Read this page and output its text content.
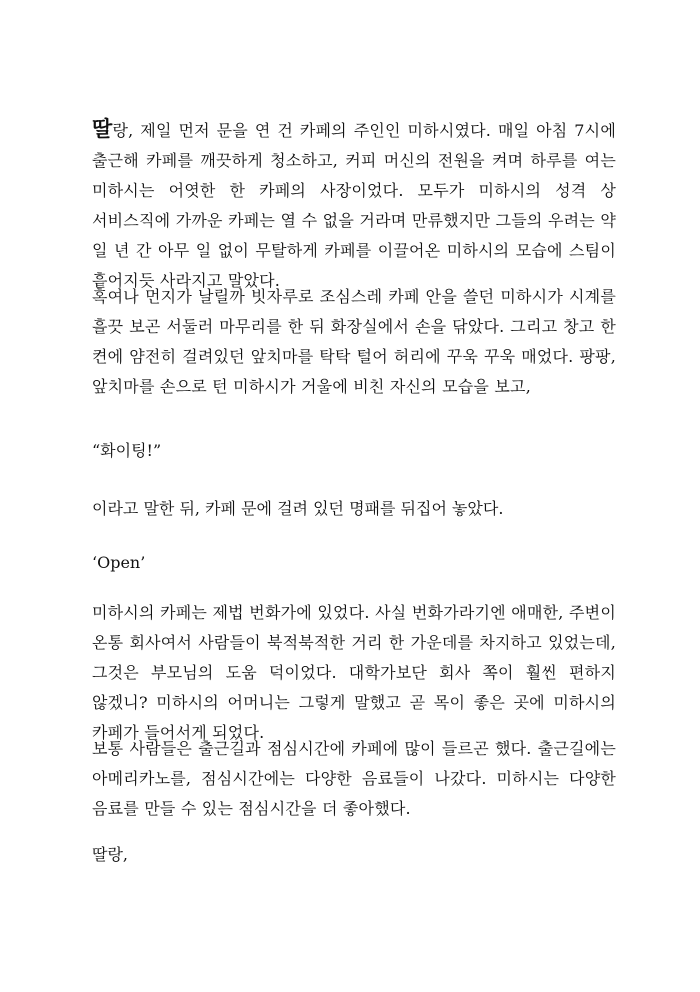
딸랑, 제일 먼저 문을 연 건 카페의 주인인 미하시였다. 매일 아침 7시에 출근해 카페를 깨끗하게 청소하고, 커피 머신의 전원을 켜며 하루를 여는 미하시는 어엿한 한 카페의 사장이었다. 모두가 미하시의 성격 상 서비스직에 가까운 카페는 열 수 없을 거라며 만류했지만 그들의 우려는 약 일 년 간 아무 일 없이 무탈하게 카페를 이끌어온 미하시의 모습에 스팀이 흩어지듯 사라지고 말았다.

혹여나 먼지가 날릴까 빗자루로 조심스레 카페 안을 쓸던 미하시가 시계를 흘끗 보곤 서둘러 마무리를 한 뒤 화장실에서 손을 닦았다. 그리고 창고 한 켠에 얌전히 걸려있던 앞치마를 탁탁 털어 허리에 꾸욱 꾸욱 매었다. 팡팡, 앞치마를 손으로 턴 미하시가 거울에 비친 자신의 모습을 보고,

“화이팅!”
이라고 말한 뒤, 카페 문에 걸려 있던 명패를 뒤집어 놓았다.
‘Open’

미하시의 카페는 제법 번화가에 있었다. 사실 번화가라기엔 애매한, 주변이 온통 회사여서 사람들이 북적북적한 거리 한 가운데를 차지하고 있었는데, 그것은 부모님의 도움 덕이었다. 대학가보단 회사 쪽이 훨씬 편하지 않겠니? 미하시의 어머니는 그렇게 말했고 곧 목이 좋은 곳에 미하시의 카페가 들어서게 되었다.

보통 사람들은 출근길과 점심시간에 카페에 많이 들르곤 했다. 출근길에는 아메리카노를, 점심시간에는 다양한 음료들이 나갔다. 미하시는 다양한 음료를 만들 수 있는 점심시간을 더 좋아했다.

딸랑,
